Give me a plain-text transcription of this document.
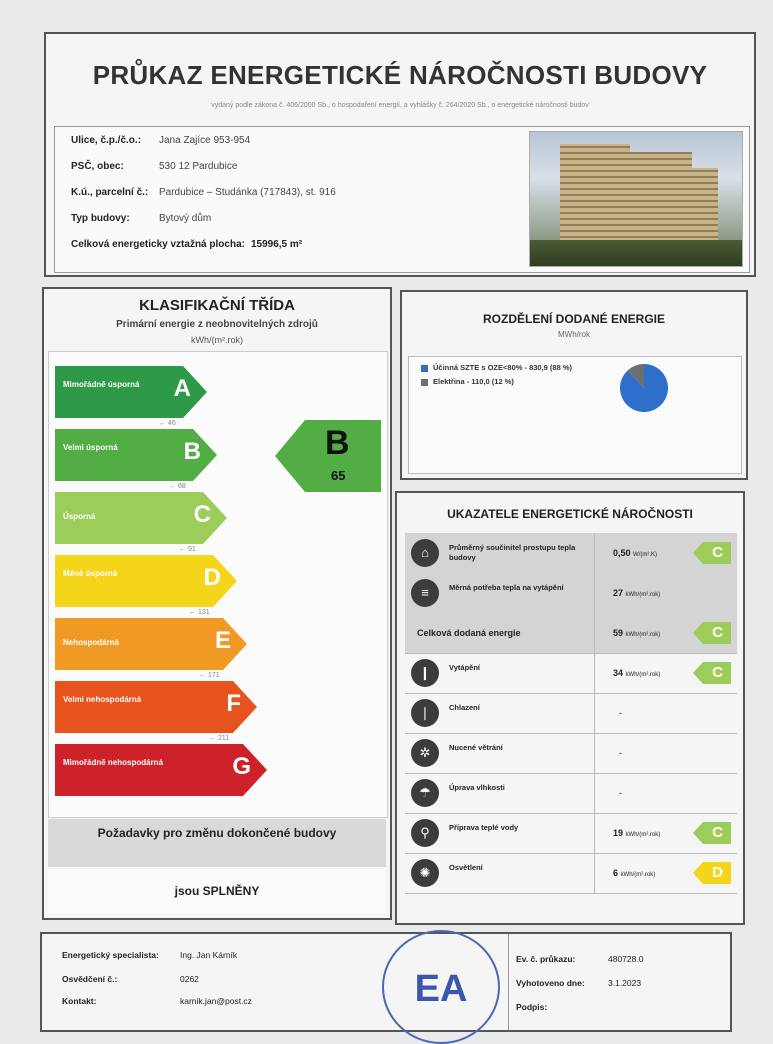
PRŮKAZ ENERGETICKÉ NÁROČNOSTI BUDOVY
vydaný podle zákona č. 406/2000 Sb., o hospodaření energií, a vyhlášky č. 264/2020 Sb., o energetické náročnosti budov
Ulice, č.p./č.o.: Jana Zajíce 953-954
PSČ, obec:	530 12 Pardubice
K.ú., parcelní č.: Pardubice – Studánka (717843), st. 916
Typ budovy:	Bytový dům
Celková energeticky vztažná plocha: 15996,5 m²
KLASIFIKAČNÍ TŘÍDA
Primární energie z neobnovitelných zdrojů
kWh/(m².rok)
B
65
Mimořádně úsporná A
Velmi úsporná	B
Úsporná	C
Méně úsporná	D
Nehospodárná	E
Velmi nehospodárná	F
Mimořádně nehospodárná	G
← 46
← 68
← 91
← 131
← 171
← 211
Požadavky pro změnu dokončené budovy
jsou SPLNĚNY
ROZDĚLENÍ DODANÉ ENERGIE
MWh/rok
Účinná SZTE s OZE<80% - 830,9 (88 %)
Elektřina - 110,0 (12 %)
UKAZATELE ENERGETICKÉ NÁROČNOSTI
⌂	Průměrný součinitel prostupu tepla budovy	0,50 W/(m².K)	C
≡	Měrná potřeba tepla na vytápění	27 kWh/(m².rok)
Celková dodaná energie	59 kWh/(m².rok)	C
❙	Vytápění	34 kWh/(m².rok)	C
❘	Chlazení	-
✲	Nucené větrání	-
☂	Úprava vlhkosti	-
⚲	Příprava teplé vody	19 kWh/(m².rok)	C
✺	Osvětlení	6 kWh/(m².rok)	D
Energetický specialista: Ing. Jan Kárník
Osvědčení č.:	0262
Kontakt:	karnik.jan@post.cz	EA
Ev. č. průkazu:	480728.0
Vyhotoveno dne:	3.1.2023
Podpis:
